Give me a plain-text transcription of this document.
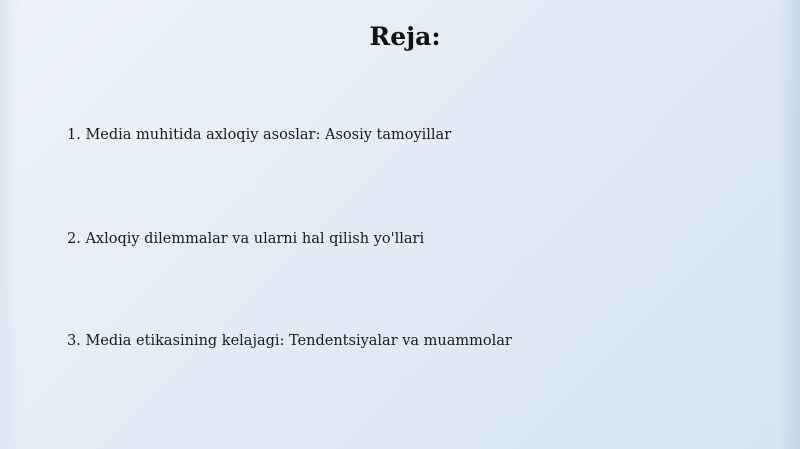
Reja:
1. Media muhitida axloqiy asoslar: Asosiy tamoyillar
2. Axloqiy dilemmalar va ularni hal qilish yo'llari
3. Media etikasining kelajagi: Tendentsiyalar va muammolar
